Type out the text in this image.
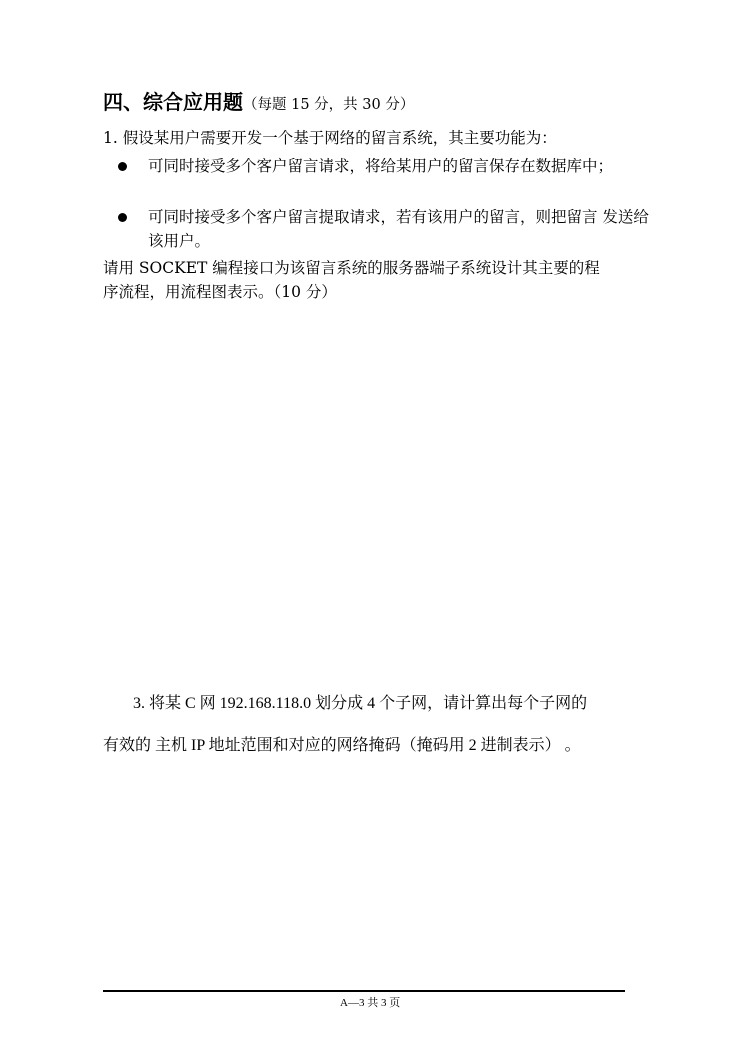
四、综合应用题（每题 15 分，共 30 分）
1. 假设某用户需要开发一个基于网络的留言系统，其主要功能为：
可同时接受多个客户留言请求，将给某用户的留言保存在数据库中；
可同时接受多个客户留言提取请求，若有该用户的留言，则把留言 发送给该用户。
请用 SOCKET 编程接口为该留言系统的服务器端子系统设计其主要的程
序流程，用流程图表示。（10 分）
3. 将某 C 网 192.168.118.0 划分成 4 个子网，请计算出每个子网的
有效的 主机 IP 地址范围和对应的网络掩码（掩码用 2 进制表示） 。
A—3 共 3 页
